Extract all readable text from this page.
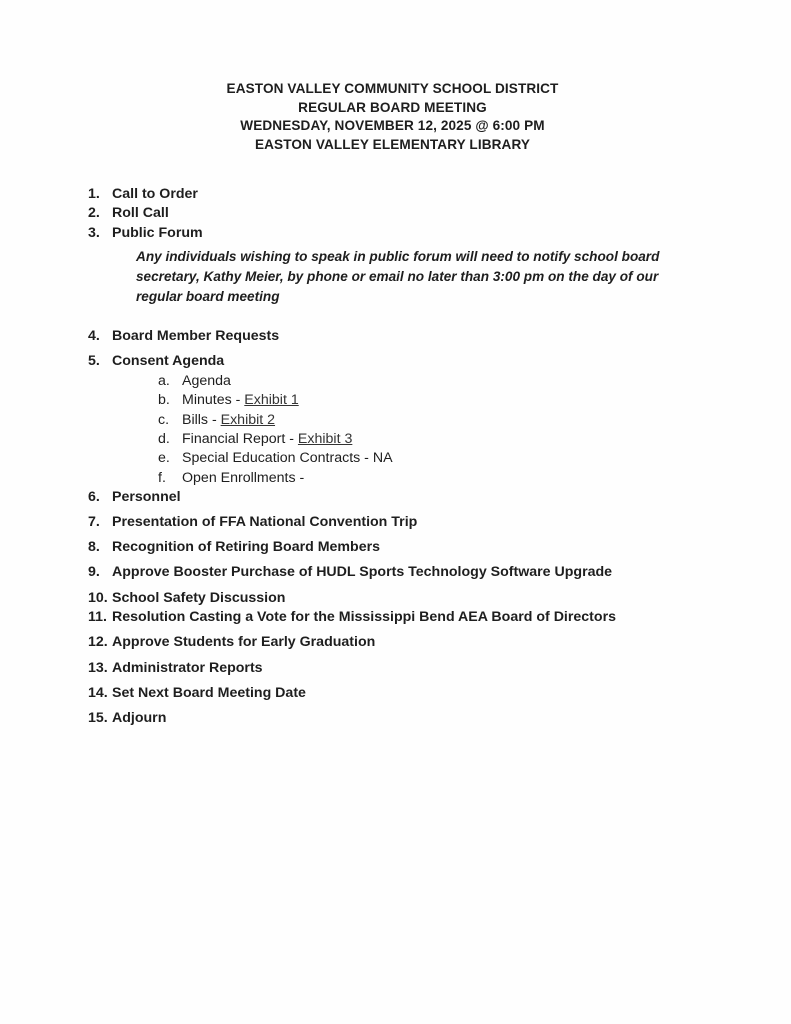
EASTON VALLEY COMMUNITY SCHOOL DISTRICT
REGULAR BOARD MEETING
WEDNESDAY, NOVEMBER 12, 2025 @ 6:00 PM
EASTON VALLEY ELEMENTARY LIBRARY
1. Call to Order
2. Roll Call
3. Public Forum
Any individuals wishing to speak in public forum will need to notify school board
secretary, Kathy Meier, by phone or email no later than 3:00 pm on the day of our
regular board meeting
4. Board Member Requests
5. Consent Agenda
a. Agenda
b. Minutes - Exhibit 1
c. Bills - Exhibit 2
d. Financial Report - Exhibit 3
e. Special Education Contracts - NA
f. Open Enrollments -
6. Personnel
7. Presentation of FFA National Convention Trip
8. Recognition of Retiring Board Members
9. Approve Booster Purchase of HUDL Sports Technology Software Upgrade
10. School Safety Discussion
11. Resolution Casting a Vote for the Mississippi Bend AEA Board of Directors
12. Approve Students for Early Graduation
13. Administrator Reports
14. Set Next Board Meeting Date
15. Adjourn
